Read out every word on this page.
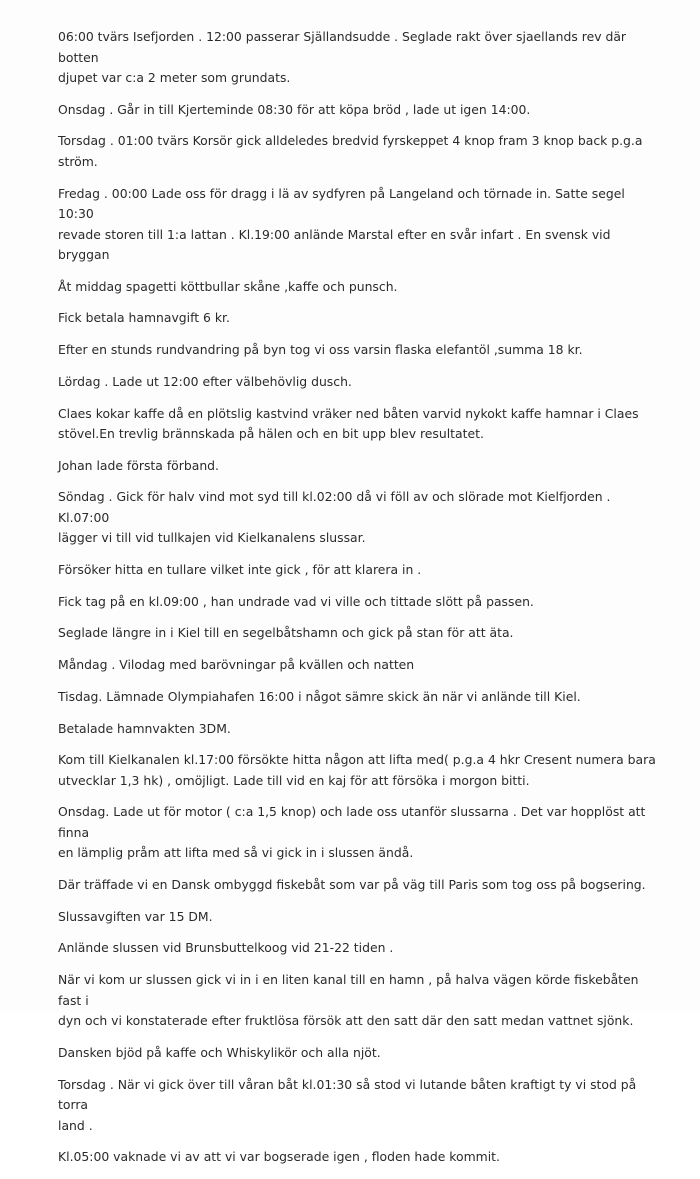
06:00 tvärs Isefjorden . 12:00 passerar Själlandsudde . Seglade rakt över sjaellands rev där botten
djupet var c:a 2 meter som grundats.

Onsdag . Går in till Kjerteminde 08:30 för att köpa bröd , lade ut igen 14:00.

Torsdag . 01:00 tvärs Korsör gick alldeledes bredvid fyrskeppet 4 knop fram 3 knop back p.g.a ström.

Fredag . 00:00 Lade oss för dragg i lä av sydfyren på Langeland och törnade in. Satte segel 10:30
revade storen till 1:a lattan . Kl.19:00 anlände Marstal efter en svår infart . En svensk vid bryggan

Åt middag spagetti köttbullar skåne ,kaffe och punsch.

Fick betala hamnavgift 6 kr.

Efter en stunds rundvandring på byn tog vi oss varsin flaska elefantöl ,summa 18 kr.

Lördag . Lade ut 12:00 efter välbehövlig dusch.

Claes kokar kaffe då en plötslig kastvind vräker ned båten varvid nykokt kaffe hamnar i Claes
stövel.En trevlig brännskada på hälen och en bit upp blev resultatet.

Johan lade första förband.

Söndag . Gick för halv vind mot syd till kl.02:00 då vi föll av och slörade mot Kielfjorden . Kl.07:00
lägger vi till vid tullkajen vid Kielkanalens slussar.

Försöker hitta en tullare vilket inte gick , för att klarera in .

Fick tag på en kl.09:00 , han undrade vad vi ville och tittade slött på passen.

Seglade längre in i Kiel till en segelbåtshamn och gick på stan för att äta.

Måndag . Vilodag med barövningar på kvällen och natten

Tisdag. Lämnade Olympiahafen 16:00 i något sämre skick än när vi anlände till Kiel.

Betalade hamnvakten 3DM.

Kom till Kielkanalen kl.17:00 försökte hitta någon att lifta med( p.g.a 4 hkr Cresent numera bara
utvecklar 1,3 hk) , omöjligt. Lade till vid en kaj för att försöka i morgon bitti.

Onsdag. Lade ut för motor ( c:a 1,5 knop) och lade oss utanför slussarna . Det var hopplöst att finna
en lämplig pråm att lifta med så vi gick in i slussen ändå.

Där träffade vi en Dansk ombyggd fiskebåt som var på väg till Paris som tog oss på bogsering.

Slussavgiften var 15 DM.

Anlände slussen vid Brunsbuttelkoog vid 21-22 tiden .

När vi kom ur slussen gick vi in i en liten kanal till en hamn , på halva vägen körde fiskebåten fast i
dyn och vi konstaterade efter fruktlösa försök att den satt där den satt medan vattnet sjönk.

Dansken bjöd på kaffe och Whiskylikör och alla njöt.

Torsdag . När vi gick över till våran båt kl.01:30 så stod vi lutande båten kraftigt ty vi stod på torra
land .

Kl.05:00 vaknade vi av att vi var bogserade igen , floden hade kommit.
